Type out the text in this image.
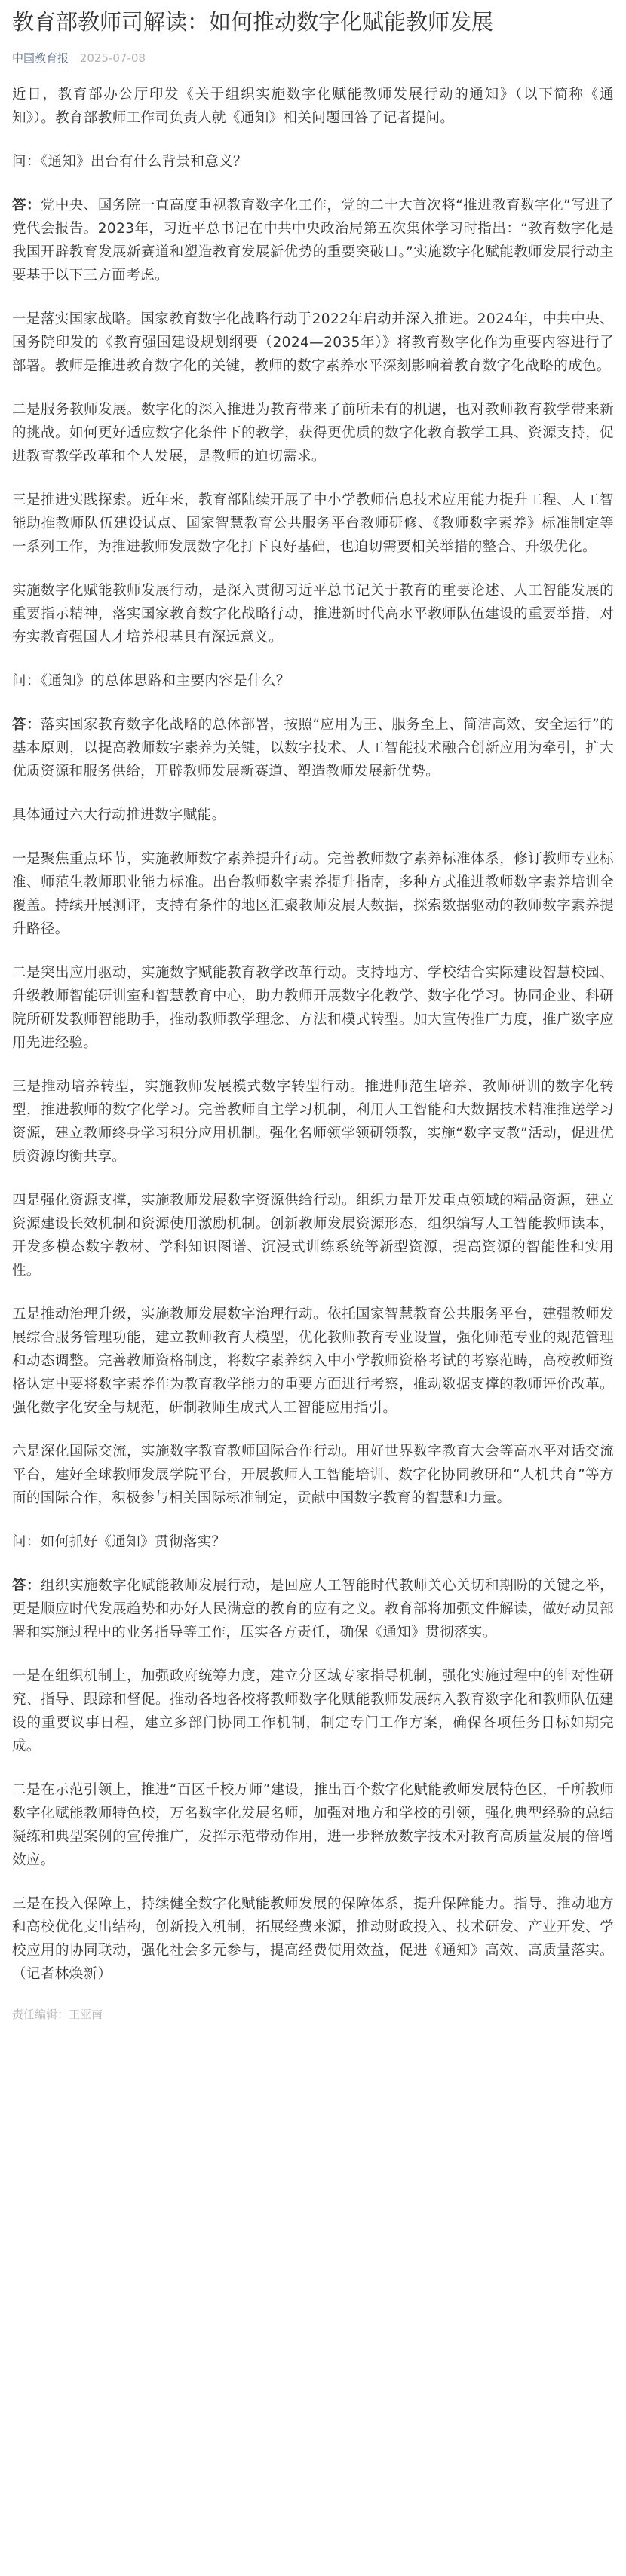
教育部教师司解读：如何推动数字化赋能教师发展
中国教育报 2025-07-08

近日，教育部办公厅印发《关于组织实施数字化赋能教师发展行动的通知》（以下简称《通知》）。教育部教师工作司负责人就《通知》相关问题回答了记者提问。

问：《通知》出台有什么背景和意义？

答：党中央、国务院一直高度重视教育数字化工作，党的二十大首次将“推进教育数字化”写进了党代会报告。2023年，习近平总书记在中共中央政治局第五次集体学习时指出：“教育数字化是我国开辟教育发展新赛道和塑造教育发展新优势的重要突破口。”实施数字化赋能教师发展行动主要基于以下三方面考虑。

一是落实国家战略。国家教育数字化战略行动于2022年启动并深入推进。2024年，中共中央、国务院印发的《教育强国建设规划纲要（2024—2035年）》将教育数字化作为重要内容进行了部署。教师是推进教育数字化的关键，教师的数字素养水平深刻影响着教育数字化战略的成色。

二是服务教师发展。数字化的深入推进为教育带来了前所未有的机遇，也对教师教育教学带来新的挑战。如何更好适应数字化条件下的教学，获得更优质的数字化教育教学工具、资源支持，促进教育教学改革和个人发展，是教师的迫切需求。

三是推进实践探索。近年来，教育部陆续开展了中小学教师信息技术应用能力提升工程、人工智能助推教师队伍建设试点、国家智慧教育公共服务平台教师研修、《教师数字素养》标准制定等一系列工作，为推进教师发展数字化打下良好基础，也迫切需要相关举措的整合、升级优化。

实施数字化赋能教师发展行动，是深入贯彻习近平总书记关于教育的重要论述、人工智能发展的重要指示精神，落实国家教育数字化战略行动，推进新时代高水平教师队伍建设的重要举措，对夯实教育强国人才培养根基具有深远意义。

问：《通知》的总体思路和主要内容是什么？

答：落实国家教育数字化战略的总体部署，按照“应用为王、服务至上、简洁高效、安全运行”的基本原则，以提高教师数字素养为关键，以数字技术、人工智能技术融合创新应用为牵引，扩大优质资源和服务供给，开辟教师发展新赛道、塑造教师发展新优势。

具体通过六大行动推进数字赋能。

一是聚焦重点环节，实施教师数字素养提升行动。完善教师数字素养标准体系，修订教师专业标准、师范生教师职业能力标准。出台教师数字素养提升指南，多种方式推进教师数字素养培训全覆盖。持续开展测评，支持有条件的地区汇聚教师发展大数据，探索数据驱动的教师数字素养提升路径。

二是突出应用驱动，实施数字赋能教育教学改革行动。支持地方、学校结合实际建设智慧校园、升级教师智能研训室和智慧教育中心，助力教师开展数字化教学、数字化学习。协同企业、科研院所研发教师智能助手，推动教师教学理念、方法和模式转型。加大宣传推广力度，推广数字应用先进经验。

三是推动培养转型，实施教师发展模式数字转型行动。推进师范生培养、教师研训的数字化转型，推进教师的数字化学习。完善教师自主学习机制，利用人工智能和大数据技术精准推送学习资源，建立教师终身学习积分应用机制。强化名师领学领研领教，实施“数字支教”活动，促进优质资源均衡共享。

四是强化资源支撑，实施教师发展数字资源供给行动。组织力量开发重点领域的精品资源，建立资源建设长效机制和资源使用激励机制。创新教师发展资源形态，组织编写人工智能教师读本，开发多模态数字教材、学科知识图谱、沉浸式训练系统等新型资源，提高资源的智能性和实用性。

五是推动治理升级，实施教师发展数字治理行动。依托国家智慧教育公共服务平台，建强教师发展综合服务管理功能，建立教师教育大模型，优化教师教育专业设置，强化师范专业的规范管理和动态调整。完善教师资格制度，将数字素养纳入中小学教师资格考试的考察范畴，高校教师资格认定中要将数字素养作为教育教学能力的重要方面进行考察，推动数据支撑的教师评价改革。强化数字化安全与规范，研制教师生成式人工智能应用指引。

六是深化国际交流，实施数字教育教师国际合作行动。用好世界数字教育大会等高水平对话交流平台，建好全球教师发展学院平台，开展教师人工智能培训、数字化协同教研和“人机共育”等方面的国际合作，积极参与相关国际标准制定，贡献中国数字教育的智慧和力量。

问：如何抓好《通知》贯彻落实？

答：组织实施数字化赋能教师发展行动，是回应人工智能时代教师关心关切和期盼的关键之举，更是顺应时代发展趋势和办好人民满意的教育的应有之义。教育部将加强文件解读，做好动员部署和实施过程中的业务指导等工作，压实各方责任，确保《通知》贯彻落实。

一是在组织机制上，加强政府统筹力度，建立分区域专家指导机制，强化实施过程中的针对性研究、指导、跟踪和督促。推动各地各校将教师数字化赋能教师发展纳入教育数字化和教师队伍建设的重要议事日程，建立多部门协同工作机制，制定专门工作方案，确保各项任务目标如期完成。

二是在示范引领上，推进“百区千校万师”建设，推出百个数字化赋能教师发展特色区，千所教师数字化赋能教师特色校，万名数字化发展名师，加强对地方和学校的引领，强化典型经验的总结凝练和典型案例的宣传推广，发挥示范带动作用，进一步释放数字技术对教育高质量发展的倍增效应。

三是在投入保障上，持续健全数字化赋能教师发展的保障体系，提升保障能力。指导、推动地方和高校优化支出结构，创新投入机制，拓展经费来源，推动财政投入、技术研发、产业开发、学校应用的协同联动，强化社会多元参与，提高经费使用效益，促进《通知》高效、高质量落实。（记者林焕新）

责任编辑：王亚南
